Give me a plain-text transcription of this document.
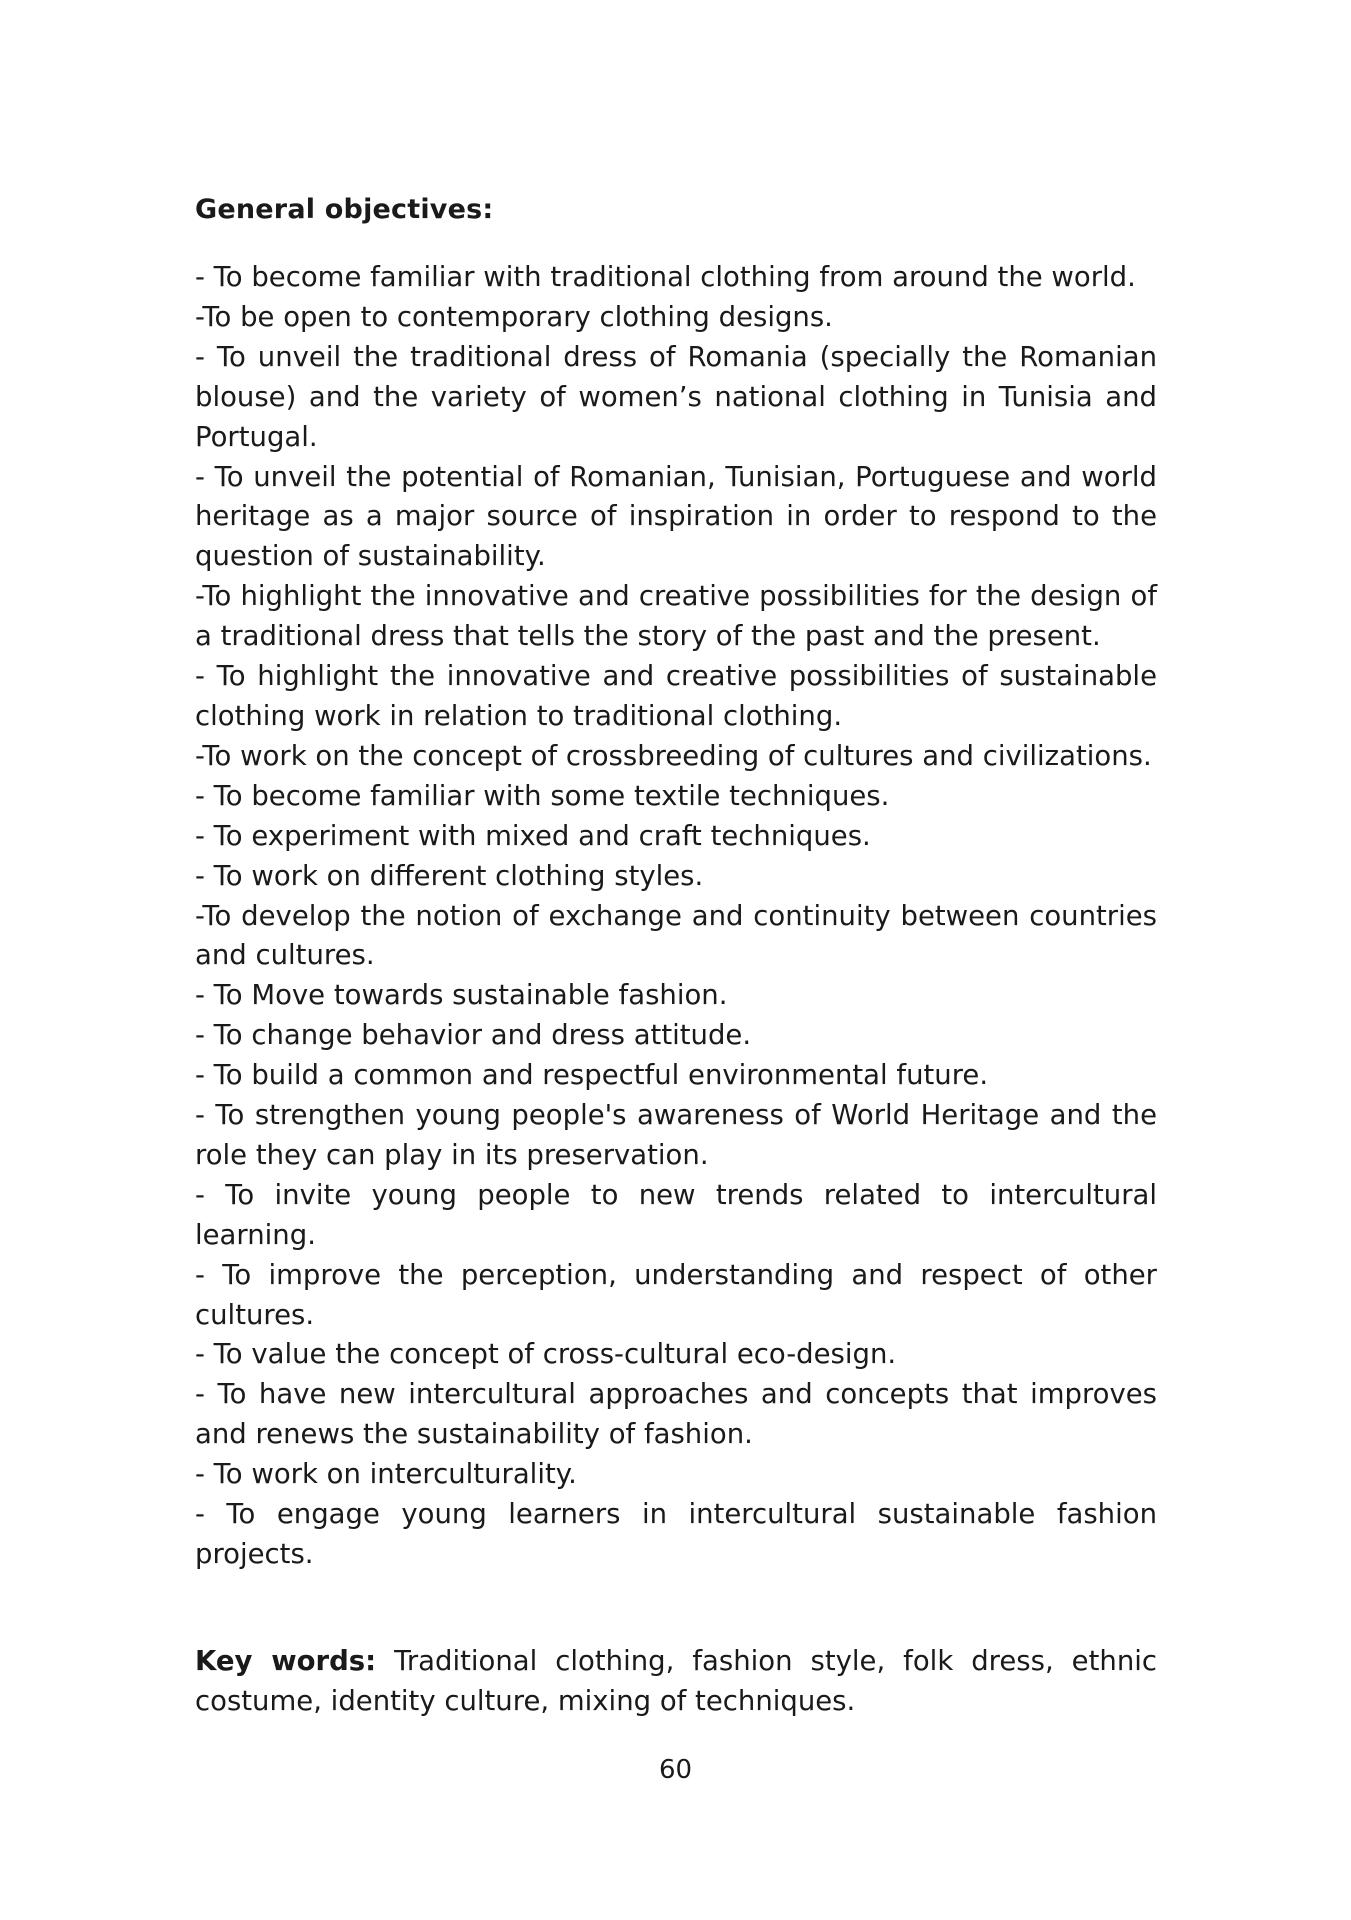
General objectives:

- To become familiar with traditional clothing from around the world.

-To be open to contemporary clothing designs.

- To unveil the traditional dress of Romania (specially the Romanian blouse) and the variety of women’s national clothing in Tunisia and Portugal.

- To unveil the potential of Romanian, Tunisian, Portuguese and world heritage as a major source of inspiration in order to respond to the question of sustainability.

-To highlight the innovative and creative possibilities for the design of a traditional dress that tells the story of the past and the present.

- To highlight the innovative and creative possibilities of sustainable clothing work in relation to traditional clothing.

-To work on the concept of crossbreeding of cultures and civilizations.

- To become familiar with some textile techniques.

- To experiment with mixed and craft techniques.

- To work on different clothing styles.

-To develop the notion of exchange and continuity between countries and cultures.

- To Move towards sustainable fashion.

- To change behavior and dress attitude.

- To build a common and respectful environmental future.

- To strengthen young people's awareness of World Heritage and the role they can play in its preservation.

- To invite young people to new trends related to intercultural learning.

- To improve the perception, understanding and respect of other cultures.

- To value the concept of cross-cultural eco-design.

- To have new intercultural approaches and concepts that improves and renews the sustainability of fashion.

- To work on interculturality.

- To engage young learners in intercultural sustainable fashion projects.

Key words: Traditional clothing, fashion style, folk dress, ethnic costume, identity culture, mixing of techniques.

60
